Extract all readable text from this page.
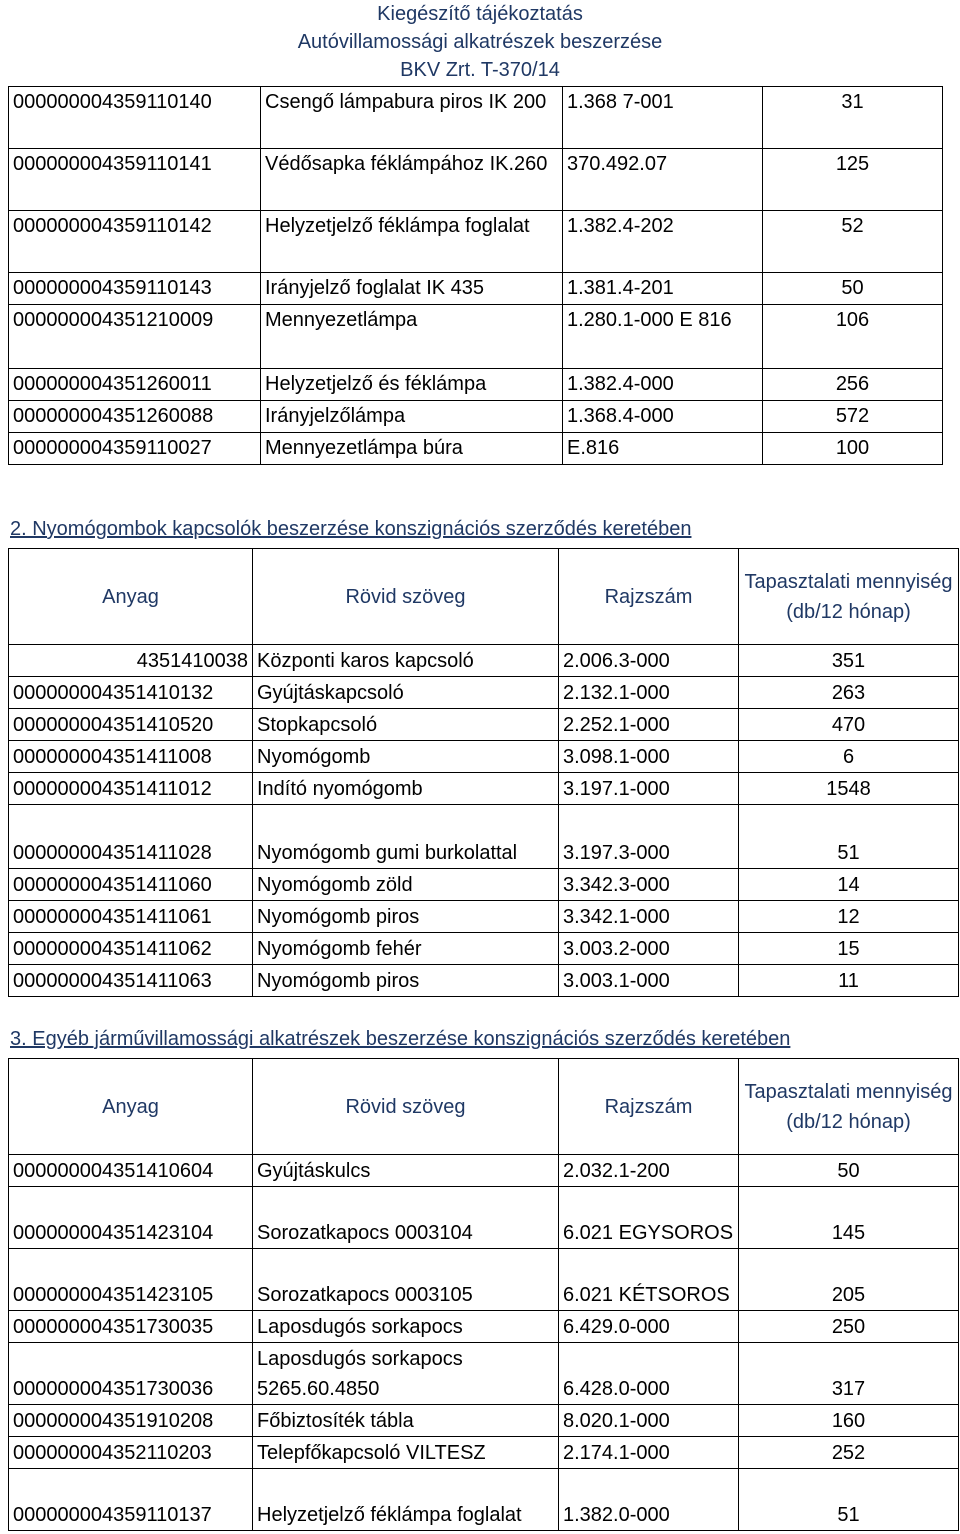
Kiegészítő tájékoztatás
Autóvillamossági alkatrészek beszerzése
BKV Zrt. T-370/14
000000004359110140	Csengő lámpabura piros IK 200	1.368 7-001	31
000000004359110141	Védősapka féklámpához IK.260	370.492.07	125
000000004359110142	Helyzetjelző féklámpa foglalat	1.382.4-202	52
000000004359110143	Irányjelző foglalat IK 435	1.381.4-201	50
000000004351210009	Mennyezetlámpa	1.280.1-000 E 816	106
000000004351260011	Helyzetjelző és féklámpa	1.382.4-000	256
000000004351260088	Irányjelzőlámpa	1.368.4-000	572
000000004359110027	Mennyezetlámpa búra	E.816	100
2. Nyomógombok kapcsolók beszerzése konszignációs szerződés keretében
Anyag	Rövid szöveg	Rajzszám	Tapasztalati mennyiség (db/12 hónap)
4351410038	Központi karos kapcsoló	2.006.3-000	351
000000004351410132	Gyújtáskapcsoló	2.132.1-000	263
000000004351410520	Stopkapcsoló	2.252.1-000	470
000000004351411008	Nyomógomb	3.098.1-000	6
000000004351411012	Indító nyomógomb	3.197.1-000	1548
000000004351411028	Nyomógomb gumi burkolattal	3.197.3-000	51
000000004351411060	Nyomógomb zöld	3.342.3-000	14
000000004351411061	Nyomógomb piros	3.342.1-000	12
000000004351411062	Nyomógomb fehér	3.003.2-000	15
000000004351411063	Nyomógomb piros	3.003.1-000	11
3. Egyéb járművillamossági alkatrészek beszerzése konszignációs szerződés keretében
Anyag	Rövid szöveg	Rajzszám	Tapasztalati mennyiség (db/12 hónap)
000000004351410604	Gyújtáskulcs	2.032.1-200	50
000000004351423104	Sorozatkapocs 0003104	6.021 EGYSOROS	145
000000004351423105	Sorozatkapocs 0003105	6.021 KÉTSOROS	205
000000004351730035	Laposdugós sorkapocs	6.429.0-000	250
000000004351730036	Laposdugós sorkapocs 5265.60.4850	6.428.0-000	317
000000004351910208	Főbiztosíték tábla	8.020.1-000	160
000000004352110203	Telepfőkapcsoló VILTESZ	2.174.1-000	252
000000004359110137	Helyzetjelző féklámpa foglalat	1.382.0-000	51
